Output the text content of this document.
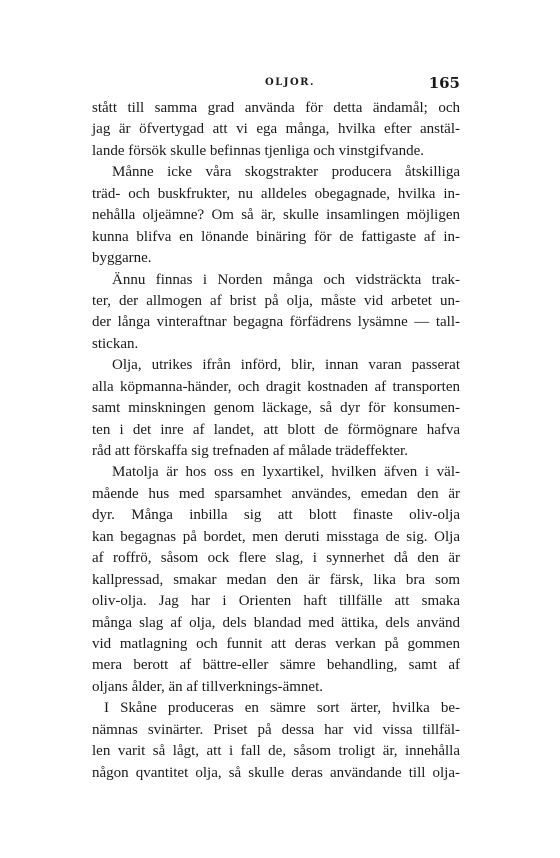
OLJOR.	165
stått till samma grad använda för detta ändamål; och
jag är öfvertygad att vi ega många, hvilka efter anstäl-
lande försök skulle befinnas tjenliga och vinstgifvande.
Månne icke våra skogstrakter producera åtskilliga
träd- och buskfrukter, nu alldeles obegagnade, hvilka in-
nehålla oljeämne? Om så är, skulle insamlingen möjligen
kunna blifva en lönande binäring för de fattigaste af in-
byggarne.
Ännu finnas i Norden många och vidsträckta trak-
ter, der allmogen af brist på olja, måste vid arbetet un-
der långa vinteraftnar begagna förfädrens lysämne — tall-
stickan.
Olja, utrikes ifrån införd, blir, innan varan passerat
alla köpmanna-händer, och dragit kostnaden af transporten
samt minskningen genom läckage, så dyr för konsumen-
ten i det inre af landet, att blott de förmögnare hafva
råd att förskaffa sig trefnaden af målade trädeffekter.
Matolja är hos oss en lyxartikel, hvilken äfven i väl-
mående hus med sparsamhet användes, emedan den är
dyr. Många inbilla sig att blott finaste oliv-olja
kan begagnas på bordet, men deruti misstaga de sig. Olja
af roffrö, såsom ock flere slag, i synnerhet då den är
kallpressad, smakar medan den är färsk, lika bra som
oliv-olja. Jag har i Orienten haft tillfälle att smaka
många slag af olja, dels blandad med ättika, dels använd
vid matlagning och funnit att deras verkan på gommen
mera berott af bättre-eller sämre behandling, samt af
oljans ålder, än af tillverknings-ämnet.
I Skåne produceras en sämre sort ärter, hvilka be-
nämnas svinärter. Priset på dessa har vid vissa tillfäl-
len varit så lågt, att i fall de, såsom troligt är, innehålla
någon qvantitet olja, så skulle deras användande till olja-
